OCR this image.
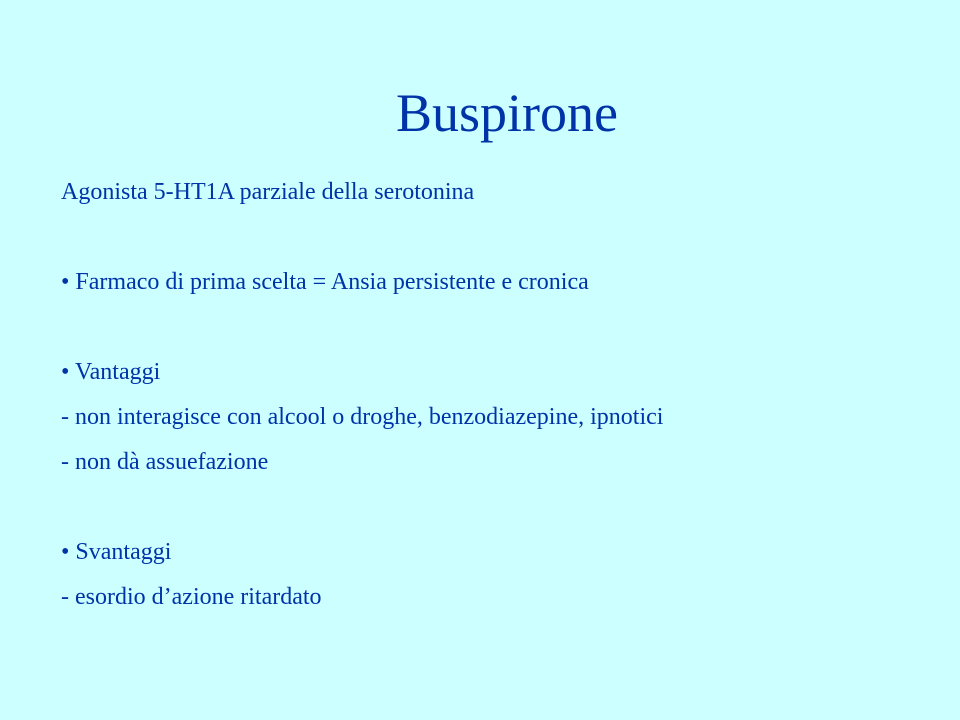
Buspirone
Agonista 5-HT1A parziale della serotonina
• Farmaco di prima scelta = Ansia persistente e cronica
• Vantaggi
- non interagisce con alcool o droghe, benzodiazepine, ipnotici
- non dà assuefazione
• Svantaggi
- esordio d’azione ritardato
